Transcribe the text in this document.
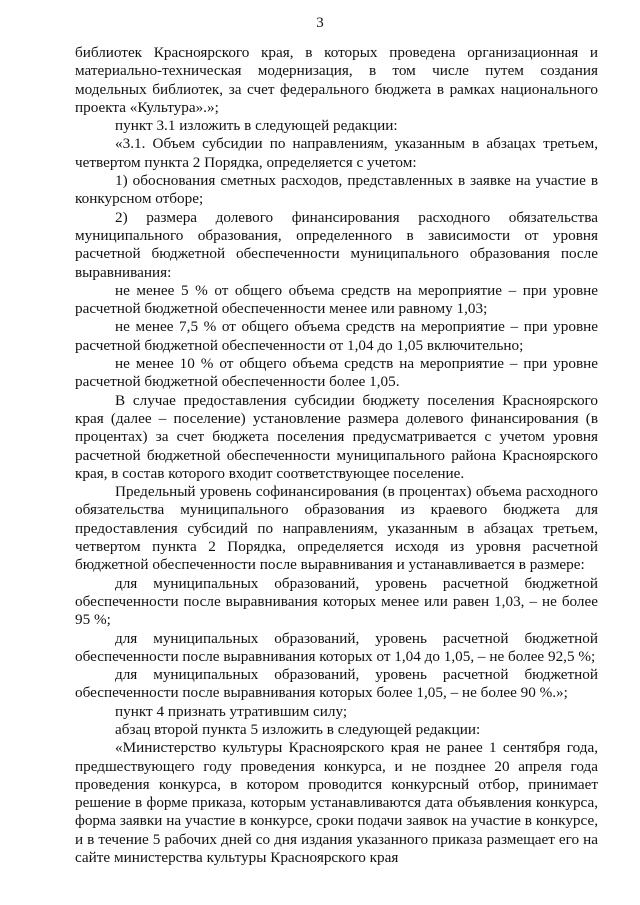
3

библиотек Красноярского края, в которых проведена организационная и материально-техническая модернизация, в том числе путем создания модельных библиотек, за счет федерального бюджета в рамках национального проекта «Культура».»;

пункт 3.1 изложить в следующей редакции:

«3.1. Объем субсидии по направлениям, указанным в абзацах третьем, четвертом пункта 2 Порядка, определяется с учетом:

1) обоснования сметных расходов, представленных в заявке на участие в конкурсном отборе;

2) размера долевого финансирования расходного обязательства муниципального образования, определенного в зависимости от уровня расчетной бюджетной обеспеченности муниципального образования после выравнивания:

не менее 5 % от общего объема средств на мероприятие – при уровне расчетной бюджетной обеспеченности менее или равному 1,03;

не менее 7,5 % от общего объема средств на мероприятие – при уровне расчетной бюджетной обеспеченности от 1,04 до 1,05 включительно;

не менее 10 % от общего объема средств на мероприятие – при уровне расчетной бюджетной обеспеченности более 1,05.

В случае предоставления субсидии бюджету поселения Красноярского края (далее – поселение) установление размера долевого финансирования (в процентах) за счет бюджета поселения предусматривается с учетом уровня расчетной бюджетной обеспеченности муниципального района Красноярского края, в состав которого входит соответствующее поселение.

Предельный уровень софинансирования (в процентах) объема расходного обязательства муниципального образования из краевого бюджета для предоставления субсидий по направлениям, указанным в абзацах третьем, четвертом пункта 2 Порядка, определяется исходя из уровня расчетной бюджетной обеспеченности после выравнивания и устанавливается в размере:

для муниципальных образований, уровень расчетной бюджетной обеспеченности после выравнивания которых менее или равен 1,03, – не более 95 %;

для муниципальных образований, уровень расчетной бюджетной обеспеченности после выравнивания которых от 1,04 до 1,05, – не более 92,5 %;

для муниципальных образований, уровень расчетной бюджетной обеспеченности после выравнивания которых более 1,05, – не более 90 %.»;

пункт 4 признать утратившим силу;

абзац второй пункта 5 изложить в следующей редакции:

«Министерство культуры Красноярского края не ранее 1 сентября года, предшествующего году проведения конкурса, и не позднее 20 апреля года проведения конкурса, в котором проводится конкурсный отбор, принимает решение в форме приказа, которым устанавливаются дата объявления конкурса, форма заявки на участие в конкурсе, сроки подачи заявок на участие в конкурсе, и в течение 5 рабочих дней со дня издания указанного приказа размещает его на сайте министерства культуры Красноярского края
